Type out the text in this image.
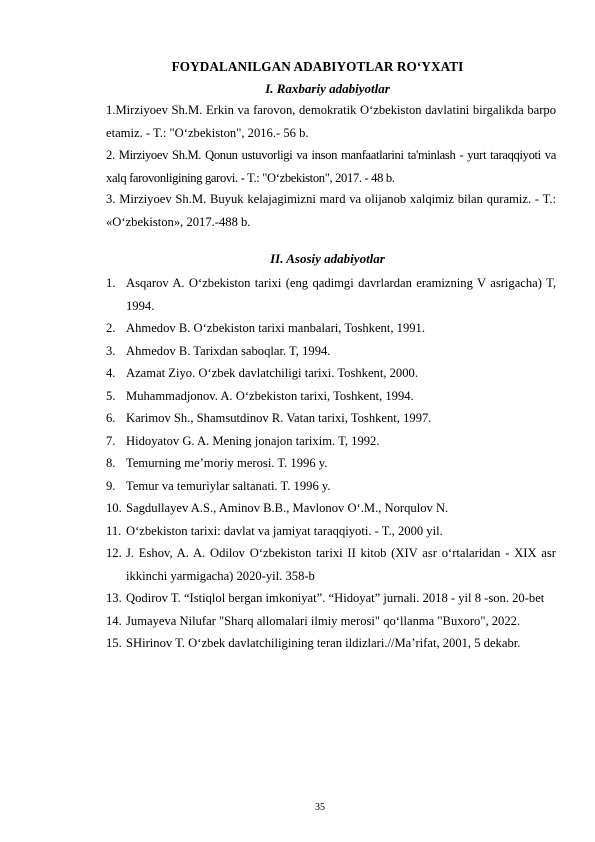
FOYDALANILGAN ADABIYOTLAR RO‘YXATI
I. Raxbariy adabiyotlar
1.Mirziyoev Sh.M. Erkin va farovon, demokratik O‘zbekiston davlatini birgalikda barpo etamiz. - T.: "O‘zbekiston", 2016.- 56 b.
2. Mirziyoev Sh.M. Qonun ustuvorligi va inson manfaatlarini ta'minlash - yurt taraqqiyoti va xalq farovonligining garovi. - T.: "O‘zbekiston", 2017. - 48 b.
3. Mirziyoev Sh.M. Buyuk kelajagimizni mard va olijanob xalqimiz bilan quramiz. - T.: «O‘zbekiston», 2017.-488 b.
II. Asosiy adabiyotlar
1. Asqarov A. O‘zbekiston tarixi (eng qadimgi davrlardan eramizning V asrigacha) T, 1994.
2. Ahmedov B. O‘zbekiston tarixi manbalari, Toshkent, 1991.
3. Ahmedov B. Tarixdan saboqlar. T, 1994.
4. Azamat Ziyo. O‘zbek davlatchiligi tarixi. Toshkent, 2000.
5. Muhammadjonov. A. O‘zbekiston tarixi, Toshkent, 1994.
6. Karimov Sh., Shamsutdinov R. Vatan tarixi, Toshkent, 1997.
7. Hidoyatov G. A. Mening jonajon tarixim. T, 1992.
8. Temurning me’moriy merosi. T. 1996 y.
9. Temur va temuriylar saltanati. T. 1996 y.
10. Sagdullayev A.S., Aminov B.B., Mavlonov O‘.M., Norqulov N.
11. O‘zbekiston tarixi: davlat va jamiyat taraqqiyoti. - T., 2000 yil.
12. J. Eshov, A. A. Odilov O‘zbekiston tarixi II kitob (XIV asr o‘rtalaridan - XIX asr ikkinchi yarmigacha) 2020-yil. 358-b
13. Qodirov T. “Istiqlol bergan imkoniyat”. “Hidoyat” jurnali. 2018 - yil 8 -son. 20-bet
14. Jumayeva Nilufar "Sharq allomalari ilmiy merosi" qo‘llanma "Buxoro", 2022.
15. SHirinov T. O‘zbek davlatchiligining teran ildizlari.//Ma’rifat, 2001, 5 dekabr.
35
